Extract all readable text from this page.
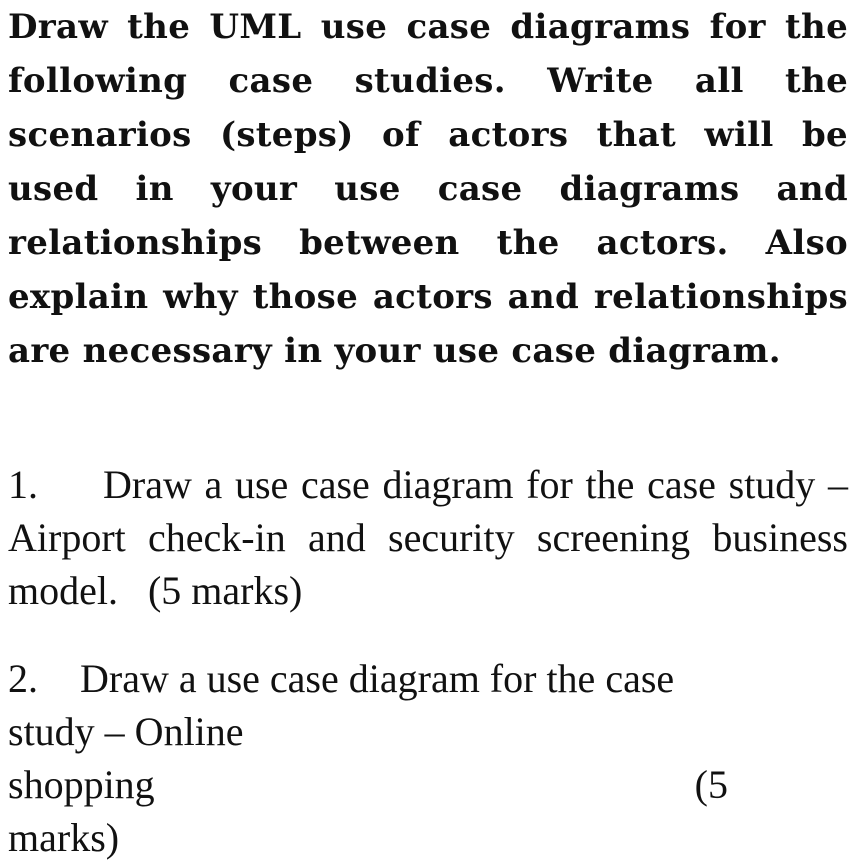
Draw the UML use case diagrams for the following case studies. Write all the scenarios (steps) of actors that will be used in your use case diagrams and relationships between the actors. Also explain why those actors and relationships are necessary in your use case diagram.

1. Draw a use case diagram for the case study – Airport check-in and security screening business model. (5 marks)
2. Draw a use case diagram for the case
study – Online
shopping	(5
marks)
